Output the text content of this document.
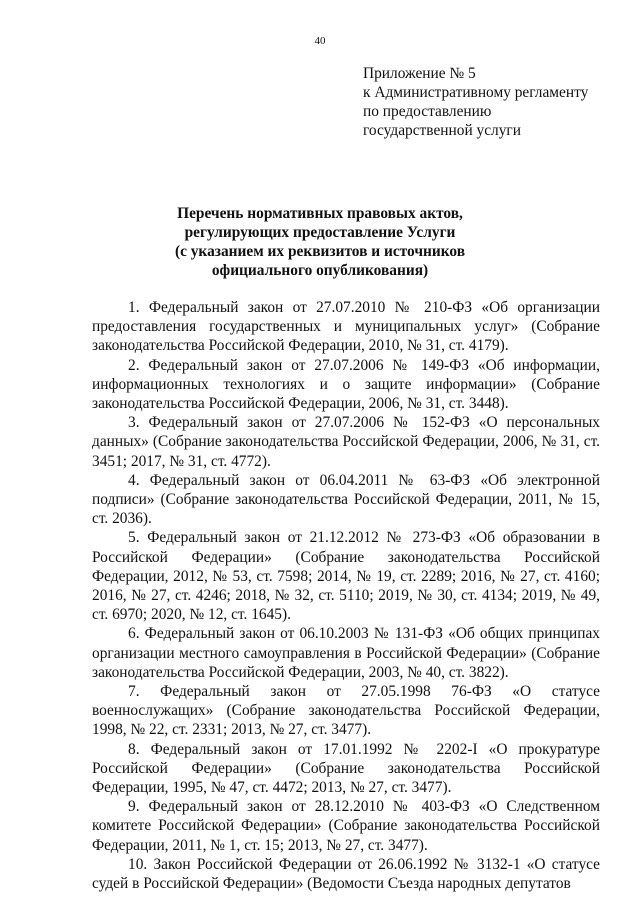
40
Приложение № 5
к Административному регламенту
по предоставлению
государственной услуги
Перечень нормативных правовых актов,
регулирующих предоставление Услуги
(с указанием их реквизитов и источников
официального опубликования)

1. Федеральный закон от 27.07.2010 № 210-ФЗ «Об организации предоставления государственных и муниципальных услуг» (Собрание законодательства Российской Федерации, 2010, № 31, ст. 4179).

2. Федеральный закон от 27.07.2006 № 149-ФЗ «Об информации, информационных технологиях и о защите информации» (Собрание законодательства Российской Федерации, 2006, № 31, ст. 3448).

3. Федеральный закон от 27.07.2006 № 152-ФЗ «О персональных данных» (Собрание законодательства Российской Федерации, 2006, № 31, ст. 3451; 2017, № 31, ст. 4772).

4. Федеральный закон от 06.04.2011 № 63-ФЗ «Об электронной подписи» (Собрание законодательства Российской Федерации, 2011, № 15, ст. 2036).

5. Федеральный закон от 21.12.2012 № 273-ФЗ «Об образовании в Российской Федерации» (Собрание законодательства Российской Федерации, 2012, № 53, ст. 7598; 2014, № 19, ст. 2289; 2016, № 27, ст. 4160; 2016, № 27, ст. 4246; 2018, № 32, ст. 5110; 2019, № 30, ст. 4134; 2019, № 49, ст. 6970; 2020, № 12, ст. 1645).

6. Федеральный закон от 06.10.2003 № 131-ФЗ «Об общих принципах организации местного самоуправления в Российской Федерации» (Собрание законодательства Российской Федерации, 2003, № 40, ст. 3822).

7. Федеральный закон от 27.05.1998 76-ФЗ «О статусе военнослужащих» (Собрание законодательства Российской Федерации, 1998, № 22, ст. 2331; 2013, № 27, ст. 3477).

8. Федеральный закон от 17.01.1992 № 2202-I «О прокуратуре Российской Федерации» (Собрание законодательства Российской Федерации, 1995, № 47, ст. 4472; 2013, № 27, ст. 3477).

9. Федеральный закон от 28.12.2010 № 403-ФЗ «О Следственном комитете Российской Федерации» (Собрание законодательства Российской Федерации, 2011, № 1, ст. 15; 2013, № 27, ст. 3477).

10. Закон Российской Федерации от 26.06.1992 № 3132-1 «О статусе судей в Российской Федерации» (Ведомости Съезда народных депутатов
